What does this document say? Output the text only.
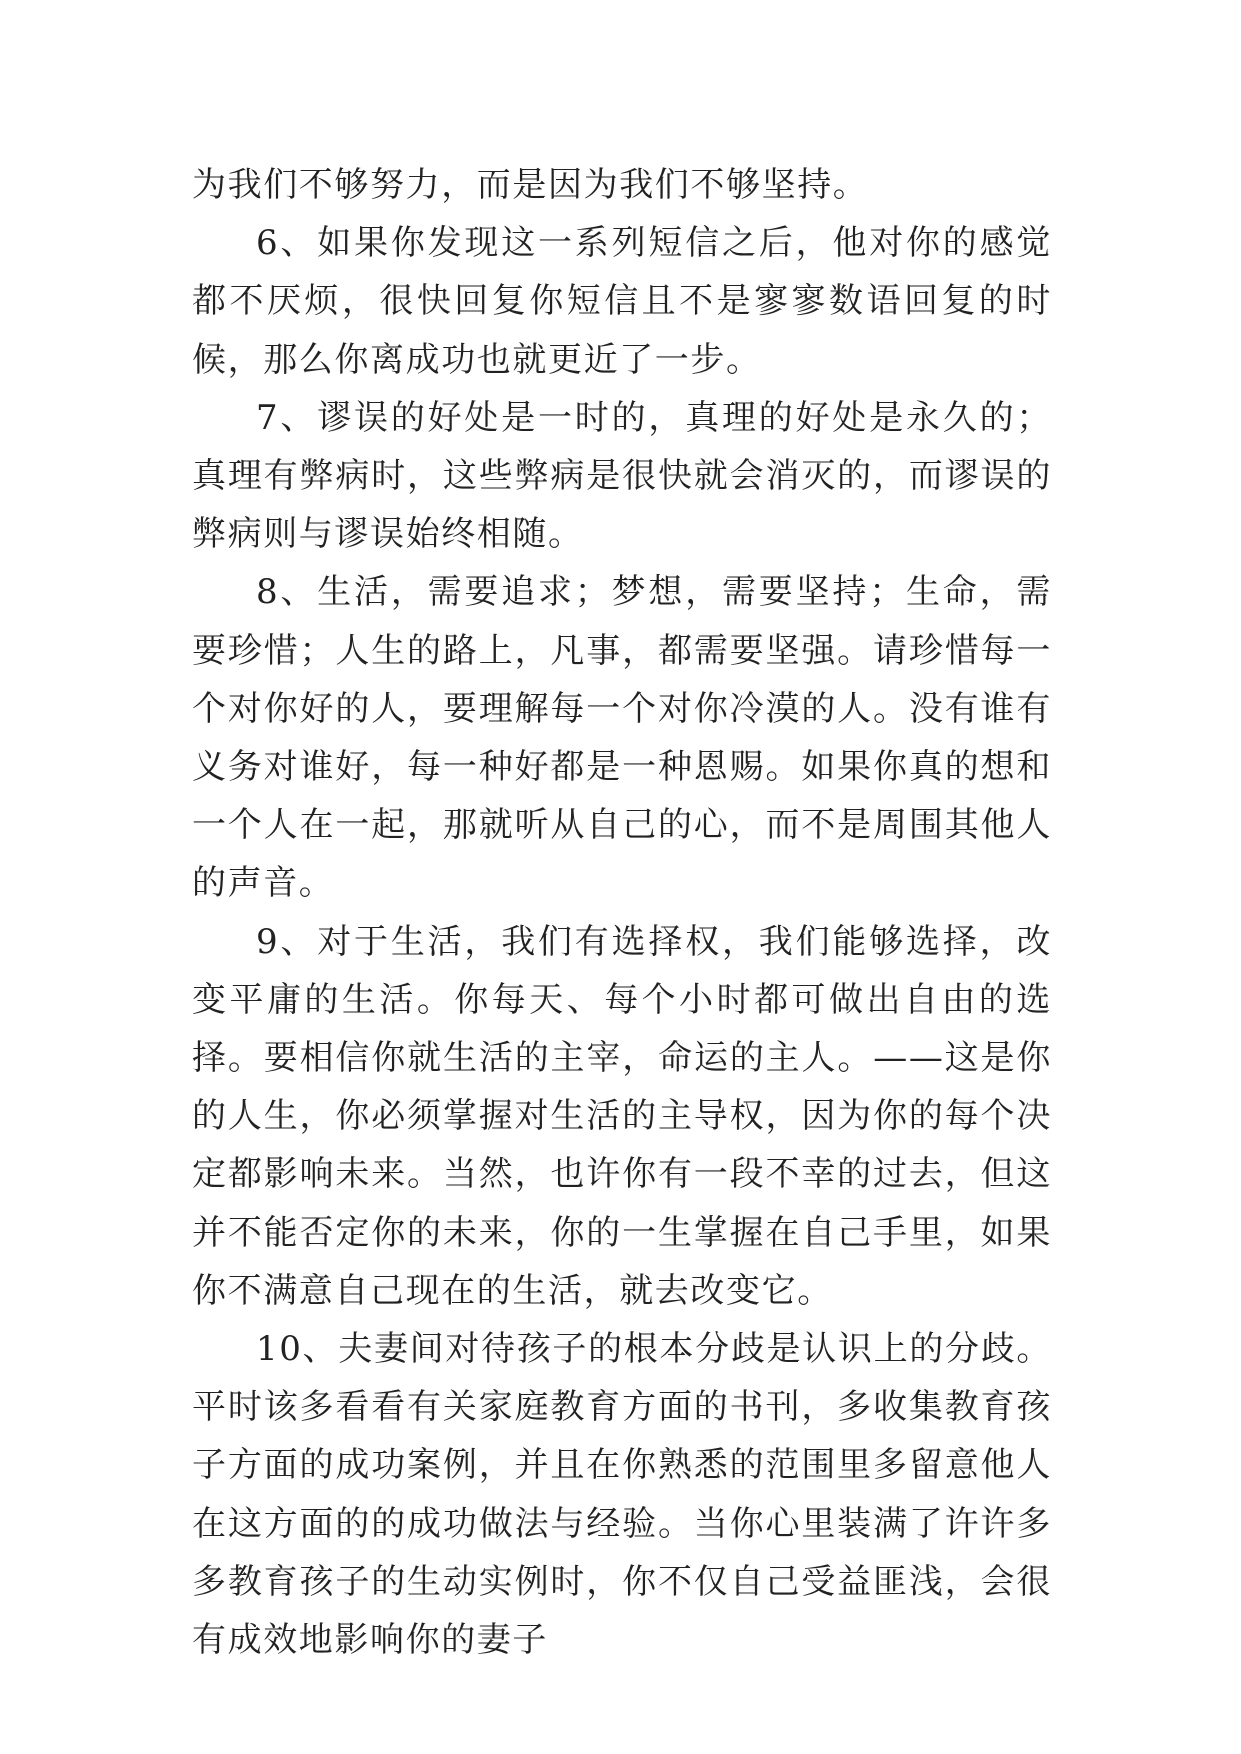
为我们不够努力，而是因为我们不够坚持。

6、如果你发现这一系列短信之后，他对你的感觉都不厌烦，很快回复你短信且不是寥寥数语回复的时候，那么你离成功也就更近了一步。

7、谬误的好处是一时的，真理的好处是永久的；真理有弊病时，这些弊病是很快就会消灭的，而谬误的弊病则与谬误始终相随。

8、生活，需要追求；梦想，需要坚持；生命，需要珍惜；人生的路上，凡事，都需要坚强。请珍惜每一个对你好的人，要理解每一个对你冷漠的人。没有谁有义务对谁好，每一种好都是一种恩赐。如果你真的想和一个人在一起，那就听从自己的心，而不是周围其他人的声音。

9、对于生活，我们有选择权，我们能够选择，改变平庸的生活。你每天、每个小时都可做出自由的选择。要相信你就生活的主宰，命运的主人。——这是你的人生，你必须掌握对生活的主导权，因为你的每个决定都影响未来。当然，也许你有一段不幸的过去，但这并不能否定你的未来，你的一生掌握在自己手里，如果你不满意自己现在的生活，就去改变它。

10、夫妻间对待孩子的根本分歧是认识上的分歧。平时该多看看有关家庭教育方面的书刊，多收集教育孩子方面的成功案例，并且在你熟悉的范围里多留意他人在这方面的的成功做法与经验。当你心里装满了许许多多教育孩子的生动实例时，你不仅自己受益匪浅，会很有成效地影响你的妻子
